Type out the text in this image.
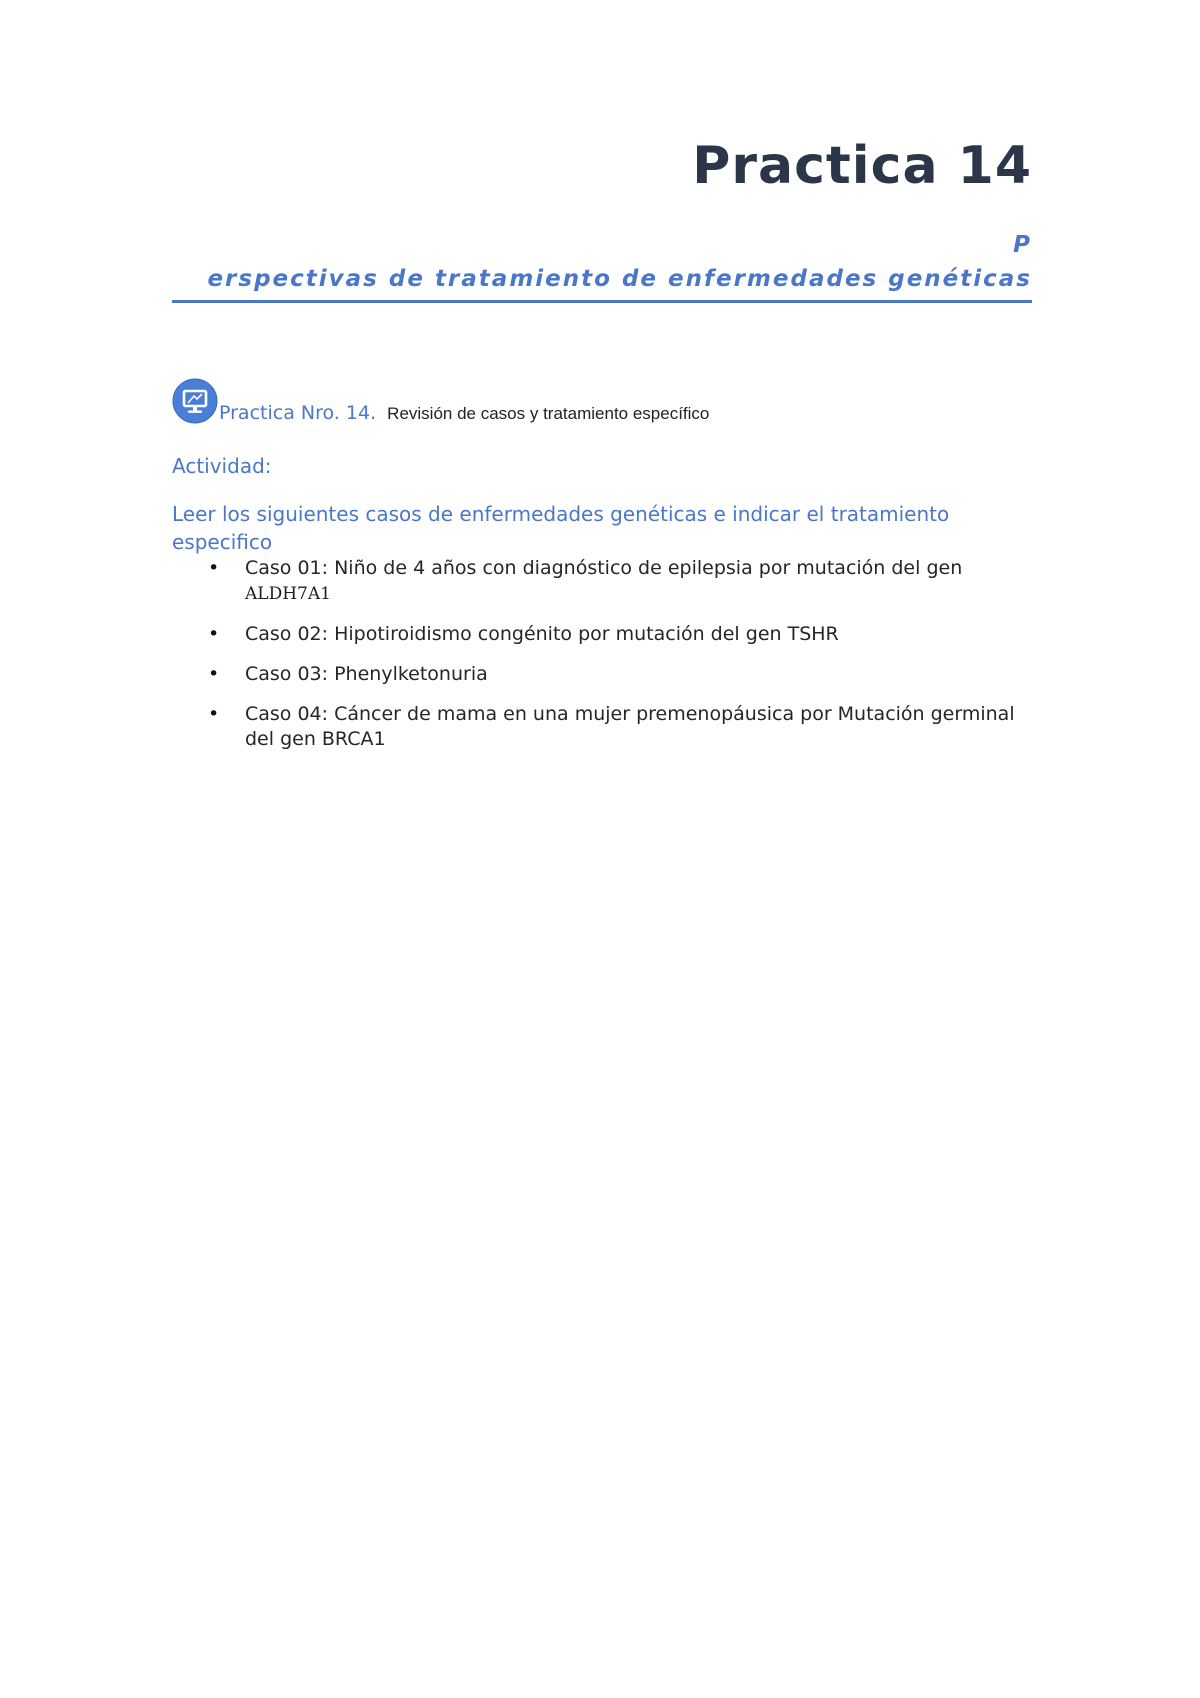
Practica 14
P
erspectivas de tratamiento de enfermedades genéticas
Practica Nro. 14. Revisión de casos y tratamiento específico

Actividad:

Leer los siguientes casos de enfermedades genéticas e indicar el tratamiento especifico

• Caso 01: Niño de 4 años con diagnóstico de epilepsia por mutación del gen
ALDH7A1
• Caso 02: Hipotiroidismo congénito por mutación del gen TSHR
• Caso 03: Phenylketonuria
• Caso 04: Cáncer de mama en una mujer premenopáusica por Mutación germinal del gen BRCA1
